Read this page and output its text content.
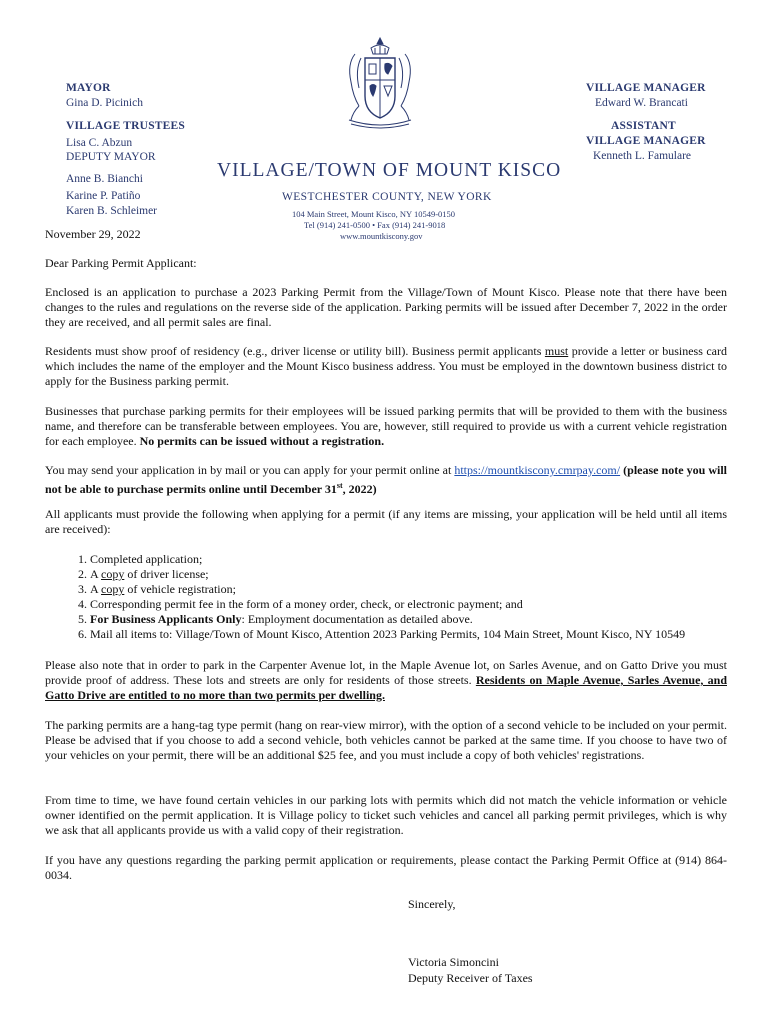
MAYOR
Gina D. Picinich
VILLAGE TRUSTEES
Lisa C. Abzun
DEPUTY MAYOR
Anne B. Bianchi
Karine P. Patiño
Karen B. Schleimer
VILLAGE MANAGER
Edward W. Brancati
ASSISTANT
VILLAGE MANAGER
Kenneth L. Famulare
VILLAGE/TOWN OF MOUNT KISCO
WESTCHESTER COUNTY, NEW YORK
104 Main Street, Mount Kisco, NY 10549-0150
Tel (914) 241-0500 • Fax (914) 241-9018
www.mountkiscony.gov
November 29, 2022
Dear Parking Permit Applicant:
Enclosed is an application to purchase a 2023 Parking Permit from the Village/Town of Mount Kisco. Please note that there have been changes to the rules and regulations on the reverse side of the application. Parking permits will be issued after December 7, 2022 in the order they are received, and all permit sales are final.
Residents must show proof of residency (e.g., driver license or utility bill). Business permit applicants must provide a letter or business card which includes the name of the employer and the Mount Kisco business address. You must be employed in the downtown business district to apply for the Business parking permit.
Businesses that purchase parking permits for their employees will be issued parking permits that will be provided to them with the business name, and therefore can be transferable between employees. You are, however, still required to provide us with a current vehicle registration for each employee. No permits can be issued without a registration.
You may send your application in by mail or you can apply for your permit online at https://mountkiscony.cmrpay.com/ (please note you will not be able to purchase permits online until December 31st, 2022)
All applicants must provide the following when applying for a permit (if any items are missing, your application will be held until all items are received):
1. Completed application;
2. A copy of driver license;
3. A copy of vehicle registration;
4. Corresponding permit fee in the form of a money order, check, or electronic payment; and
5. For Business Applicants Only: Employment documentation as detailed above.
6. Mail all items to: Village/Town of Mount Kisco, Attention 2023 Parking Permits, 104 Main Street, Mount Kisco, NY 10549
Please also note that in order to park in the Carpenter Avenue lot, in the Maple Avenue lot, on Sarles Avenue, and on Gatto Drive you must provide proof of address. These lots and streets are only for residents of those streets. Residents on Maple Avenue, Sarles Avenue, and Gatto Drive are entitled to no more than two permits per dwelling.
The parking permits are a hang-tag type permit (hang on rear-view mirror), with the option of a second vehicle to be included on your permit. Please be advised that if you choose to add a second vehicle, both vehicles cannot be parked at the same time. If you choose to have two of your vehicles on your permit, there will be an additional $25 fee, and you must include a copy of both vehicles' registrations.
From time to time, we have found certain vehicles in our parking lots with permits which did not match the vehicle information or vehicle owner identified on the permit application. It is Village policy to ticket such vehicles and cancel all parking permit privileges, which is why we ask that all applicants provide us with a valid copy of their registration.
If you have any questions regarding the parking permit application or requirements, please contact the Parking Permit Office at (914) 864-0034.
Sincerely,
Victoria Simoncini
Deputy Receiver of Taxes
